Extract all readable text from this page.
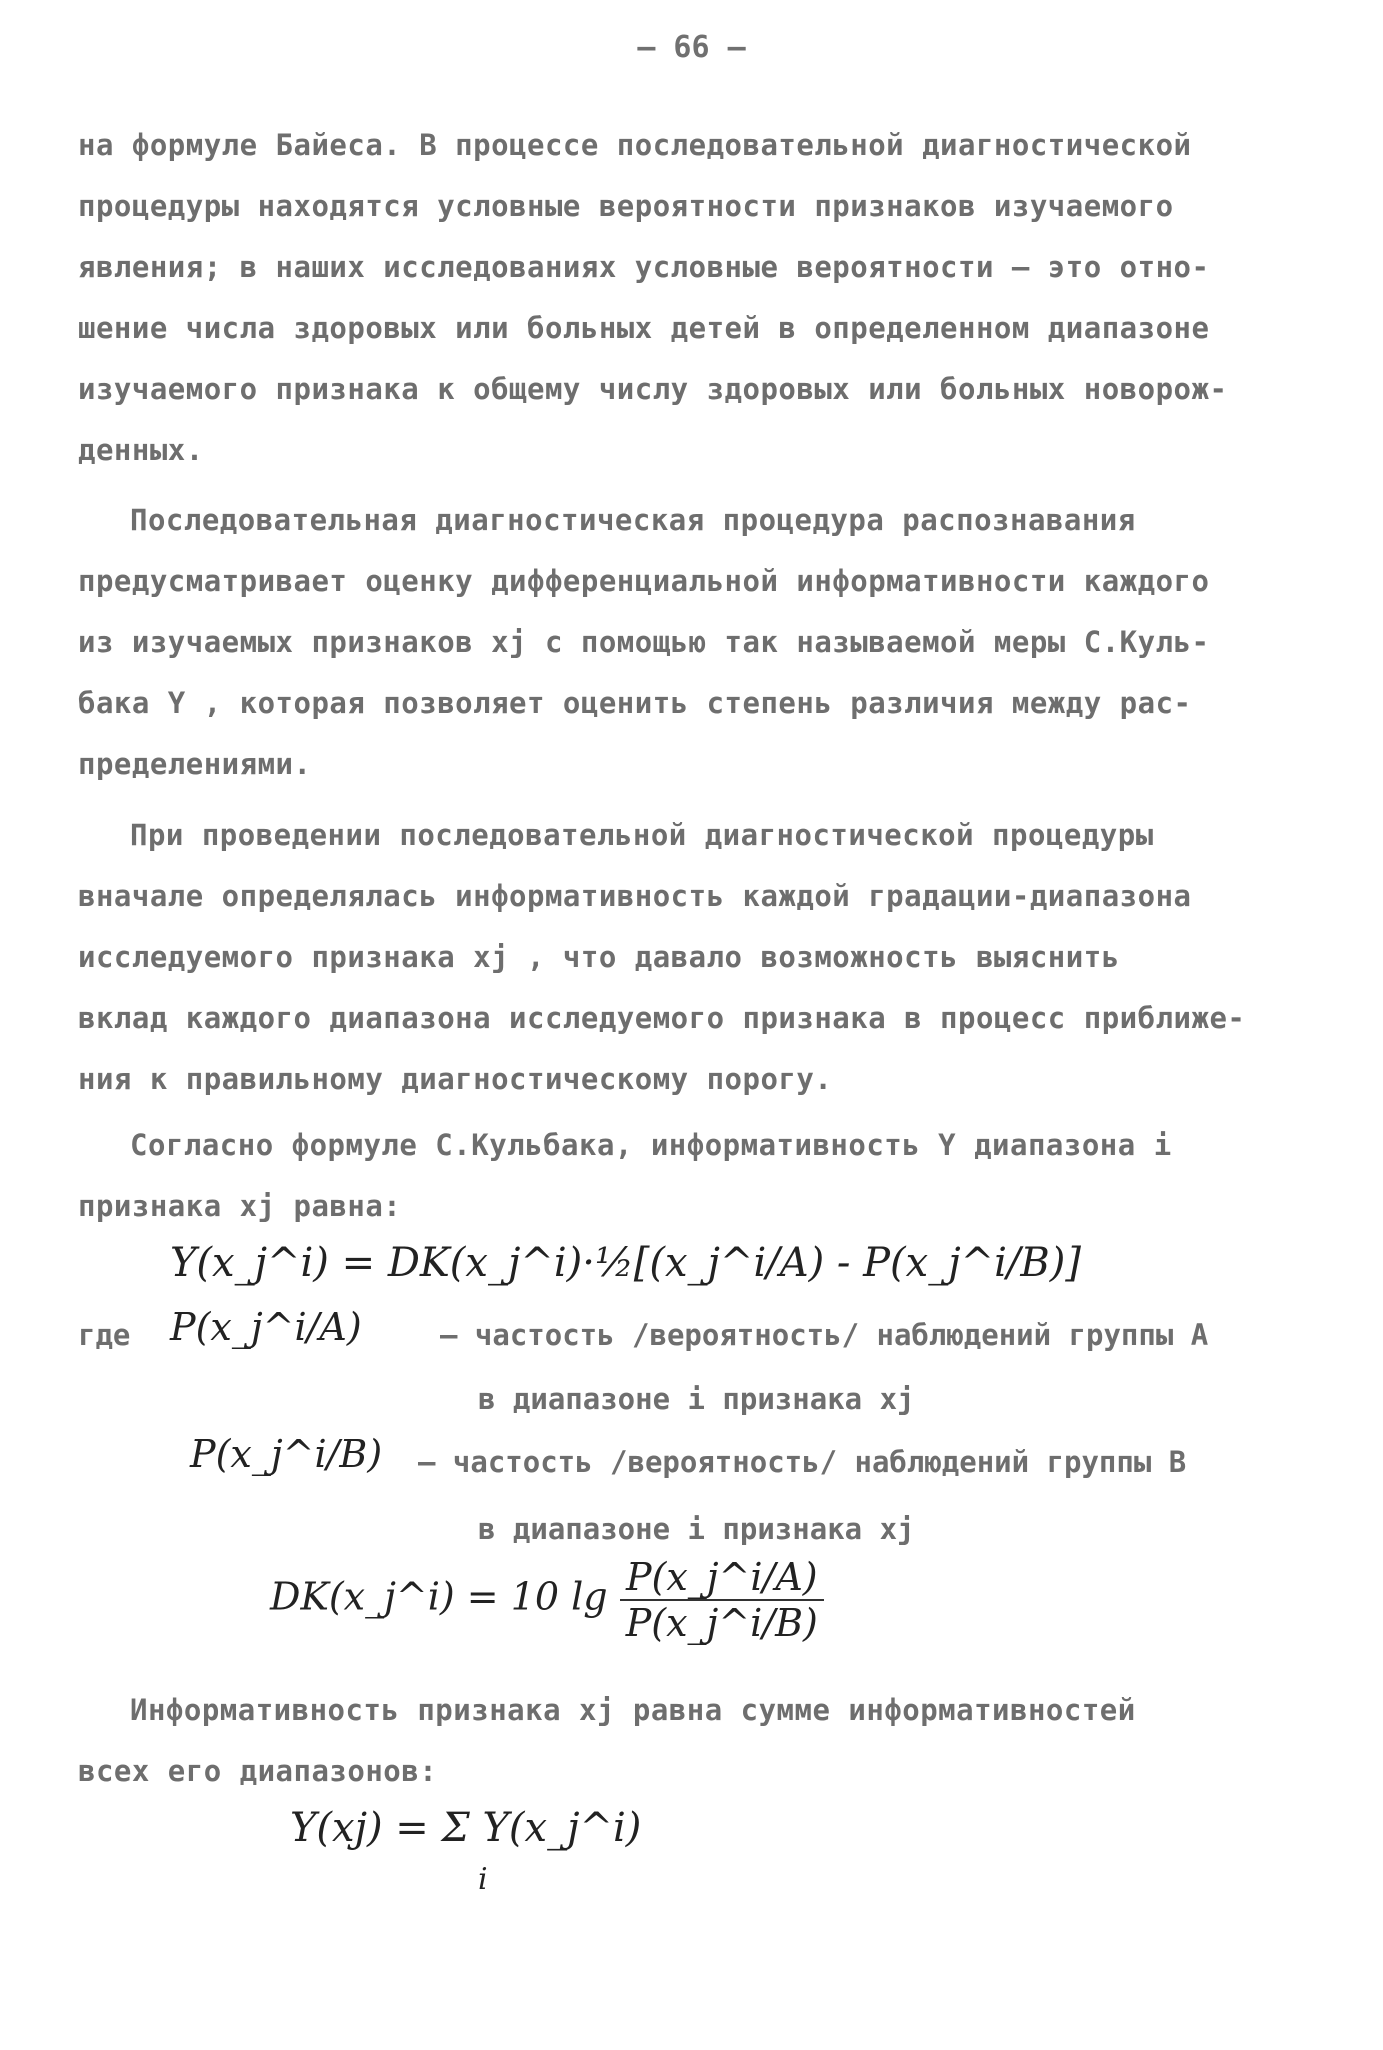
– 66 –
на формуле Байеса. В процессе последовательной диагностической
процедуры находятся условные вероятности признаков изучаемого
явления; в наших исследованиях условные вероятности – это отно-
шение числа здоровых или больных детей в определенном диапазоне
изучаемого признака к общему числу здоровых или больных новорож-
денных.
Последовательная диагностическая процедура распознавания
предусматривает оценку дифференциальной информативности каждого
из изучаемых признаков xj с помощью так называемой меры С.Куль-
бака Y , которая позволяет оценить степень различия между рас-
пределениями.
При проведении последовательной диагностической процедуры
вначале определялась информативность каждой градации-диапазона
исследуемого признака xj , что давало возможность выяснить
вклад каждого диапазона исследуемого признака в процесс приближе-
ния к правильному диагностическому порогу.
Согласно формуле С.Кульбака, информативность Y диапазона i
признака xj равна:
Y(x_j^i) = DK(x_j^i)·½[(x_j^i/A) - P(x_j^i/B)]
где P(x_j^i/A)	– частость /вероятность/ наблюдений группы А
в диапазоне i признака xj
P(x_j^i/B) – частость /вероятность/ наблюдений группы В
в диапазоне i признака xj
DK(x_j^i) = 10 $\lg \frac{P(x\_j\^{}i/A)}{P(x\_j\^{}i/B)}$
Информативность признака xj равна сумме информативностей
всех его диапазонов:
Y(xj) = Σ Y(x_j^i)
i
